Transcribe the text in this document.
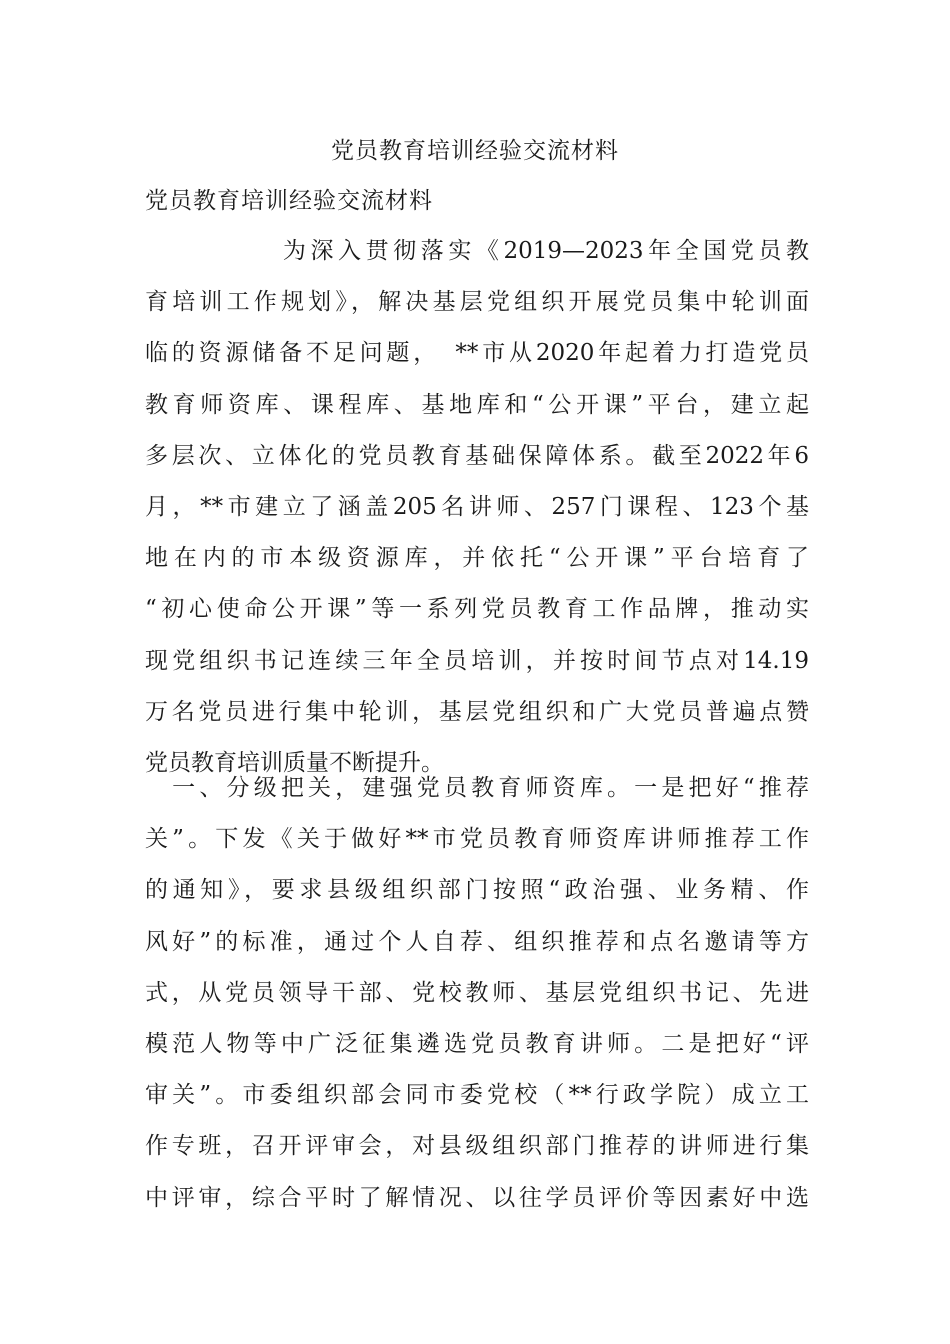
党员教育培训经验交流材料
党员教育培训经验交流材料
　　　　　为深入贯彻落实《2019—2023年全国党员教
育培训工作规划》，解决基层党组织开展党员集中轮训面
临的资源储备不足问题，　**市从2020年起着力打造党员
教育师资库、课程库、基地库和“公开课”平台，建立起
多层次、立体化的党员教育基础保障体系。截至2022年6
月，**市建立了涵盖205名讲师、257门课程、123个基
地在内的市本级资源库，并依托“公开课”平台培育了
“初心使命公开课”等一系列党员教育工作品牌，推动实
现党组织书记连续三年全员培训，并按时间节点对14.19
万名党员进行集中轮训，基层党组织和广大党员普遍点赞
党员教育培训质量不断提升。
　一、分级把关，建强党员教育师资库。一是把好“推荐
关”。下发《关于做好**市党员教育师资库讲师推荐工作
的通知》，要求县级组织部门按照“政治强、业务精、作
风好”的标准，通过个人自荐、组织推荐和点名邀请等方
式，从党员领导干部、党校教师、基层党组织书记、先进
模范人物等中广泛征集遴选党员教育讲师。二是把好“评
审关”。市委组织部会同市委党校（**行政学院）成立工
作专班，召开评审会，对县级组织部门推荐的讲师进行集
中评审，综合平时了解情况、以往学员评价等因素好中选
